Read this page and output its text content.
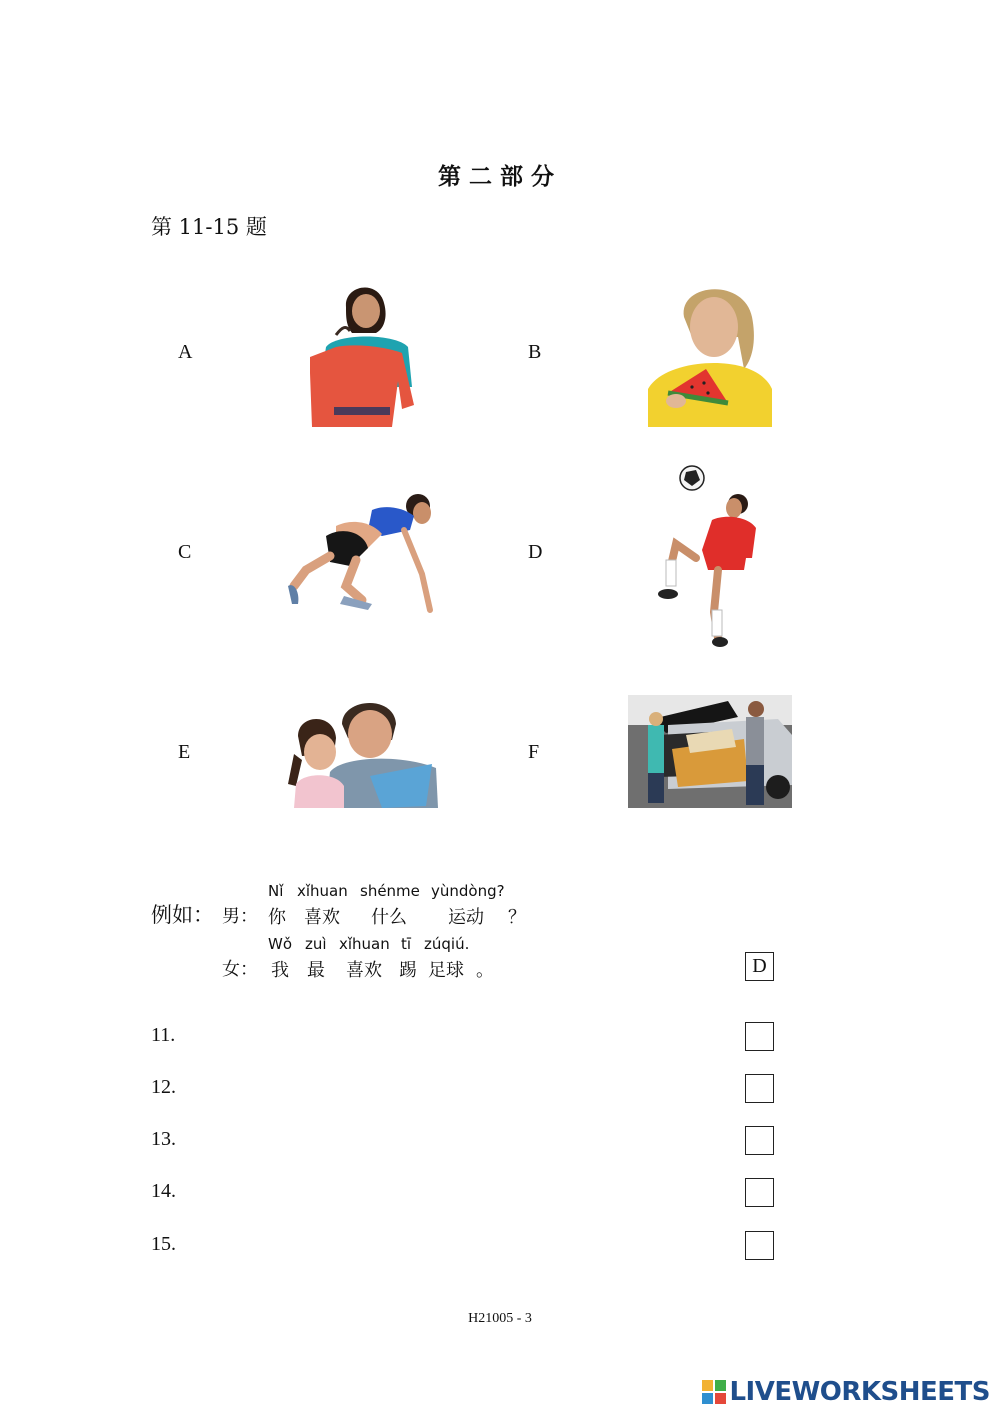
第二部分
第 11-15 题
A	B
C	D
E	F
例如： 男：
女：
Nǐ xǐhuan shénme yùndòng?
你 喜欢 什么 运动 ？
Wǒ zuì xǐhuan tī zúqiú.
我 最 喜欢 踢 足球 。	D
11.
12.
13.
14.
15.
H21005 - 3
LIVEWORKSHEETS
